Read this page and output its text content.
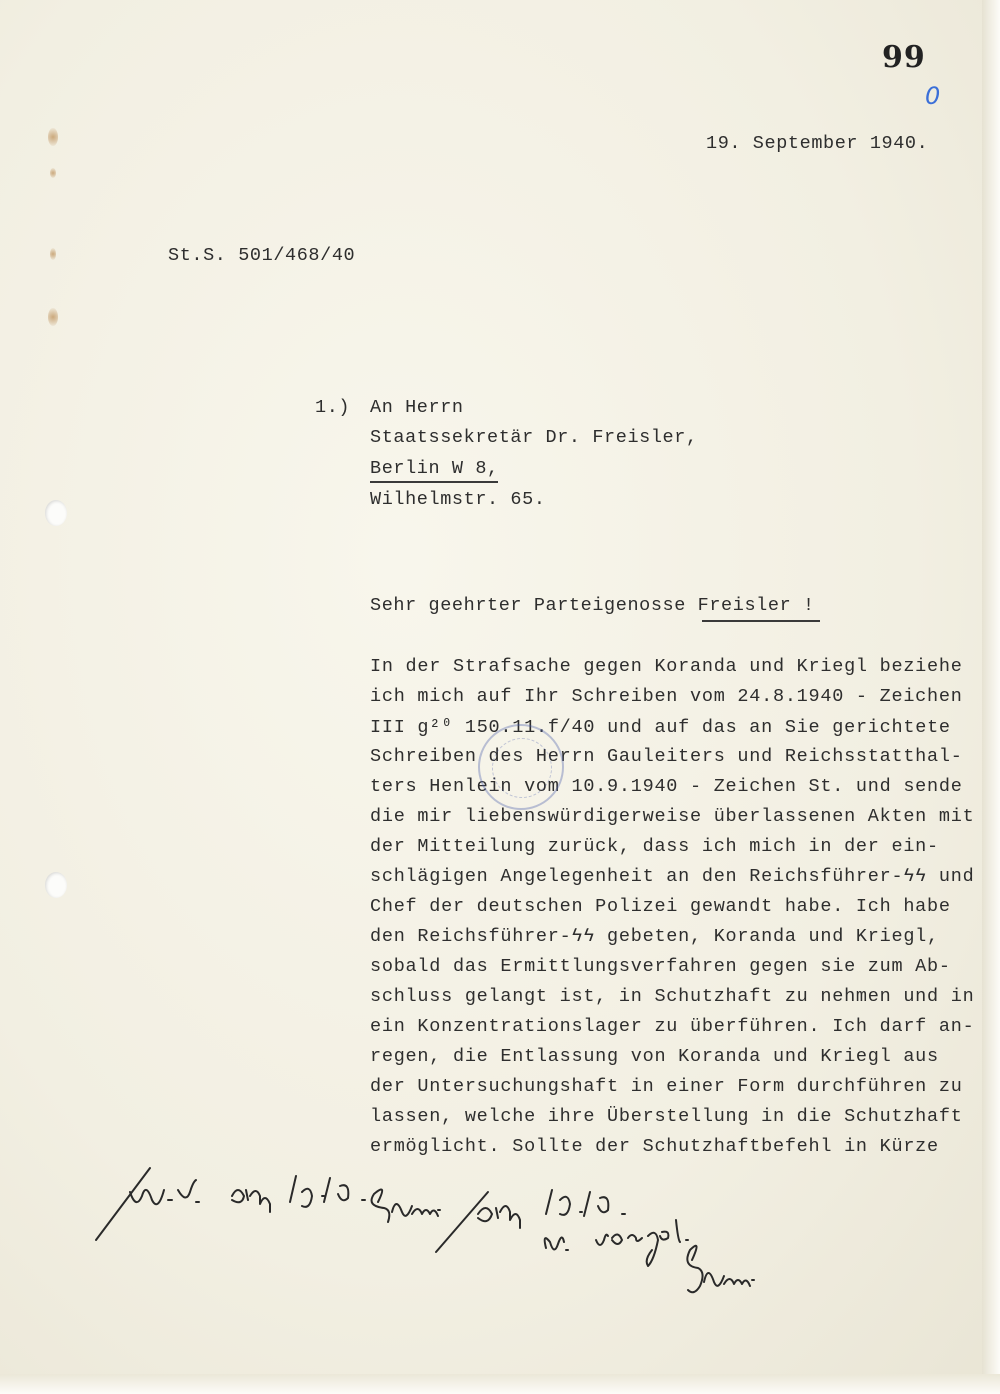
99
0
19. September 1940.
St.S. 501/468/40
1.) An Herrn
Staatssekretär Dr. Freisler,
Berlin W 8,
Wilhelmstr. 65.
Sehr geehrter Parteigenosse Freisler !
In der Strafsache gegen Koranda und Kriegl beziehe
ich mich auf Ihr Schreiben vom 24.8.1940 - Zeichen
III g²⁰ 150.11.f/40 und auf das an Sie gerichtete
Schreiben des Herrn Gauleiters und Reichsstatthal-
ters Henlein vom 10.9.1940 - Zeichen St. und sende
die mir liebenswürdigerweise überlassenen Akten mit
der Mitteilung zurück, dass ich mich in der ein-
schlägigen Angelegenheit an den Reichsführer-ϟϟ und
Chef der deutschen Polizei gewandt habe. Ich habe
den Reichsführer-ϟϟ gebeten, Koranda und Kriegl,
sobald das Ermittlungsverfahren gegen sie zum Ab-
schluss gelangt ist, in Schutzhaft zu nehmen und in
ein Konzentrationslager zu überführen. Ich darf an-
regen, die Entlassung von Koranda und Kriegl aus
der Untersuchungshaft in einer Form durchführen zu
lassen, welche ihre Überstellung in die Schutzhaft
ermöglicht. Sollte der Schutzhaftbefehl in Kürze
